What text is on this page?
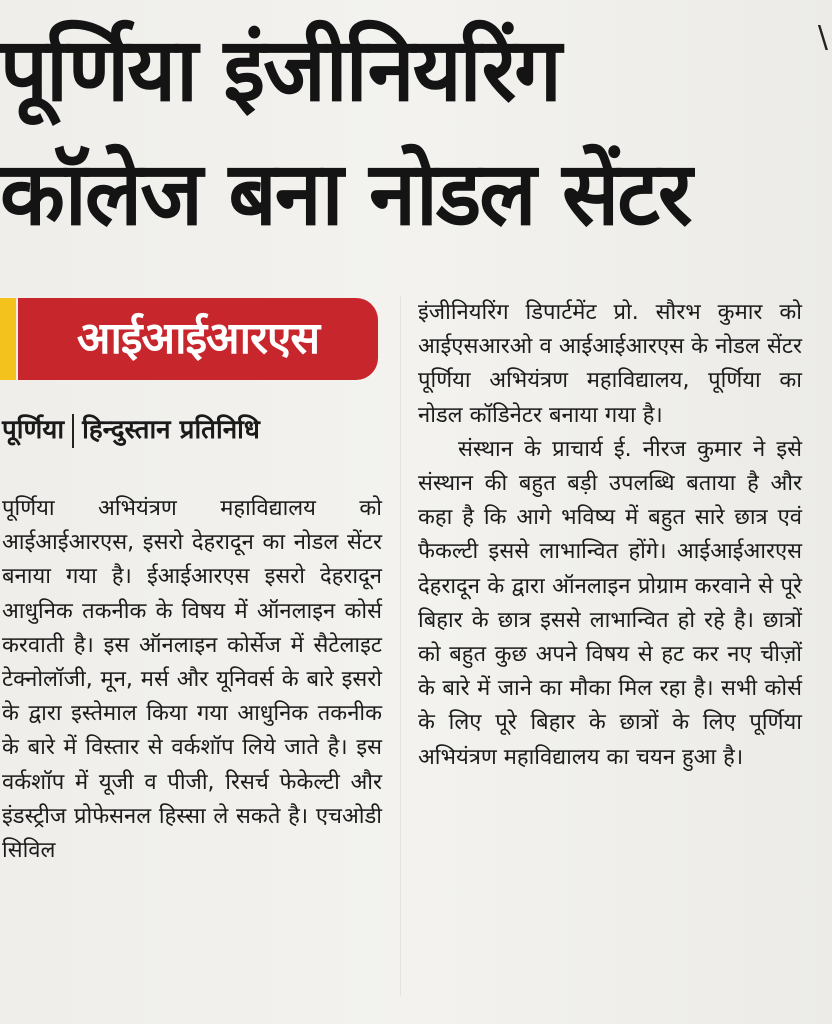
पूर्णिया इंजीनियरिंग
कॉलेज बना नोडल सेंटर
\
आईआईआरएस
पूर्णिया हिन्दुस्तान प्रतिनिधि

पूर्णिया अभियंत्रण महाविद्यालय को आईआईआरएस, इसरो देहरादून का नोडल सेंटर बनाया गया है। ईआईआरएस इसरो देहरादून आधुनिक तकनीक के विषय में ऑनलाइन कोर्स करवाती है। इस ऑनलाइन कोर्सेज में सैटेलाइट टेक्नोलॉजी, मून, मर्स और यूनिवर्स के बारे इसरो के द्वारा इस्तेमाल किया गया आधुनिक तकनीक के बारे में विस्तार से वर्कशॉप लिये जाते है। इस वर्कशॉप में यूजी व पीजी, रिसर्च फेकेल्टी और इंडस्ट्रीज प्रोफेसनल हिस्सा ले सकते है। एचओडी सिविल

इंजीनियरिंग डिपार्टमेंट प्रो. सौरभ कुमार को आईएसआरओ व आईआईआरएस के नोडल सेंटर पूर्णिया अभियंत्रण महाविद्यालय, पूर्णिया का नोडल कॉडिनेटर बनाया गया है।

संस्थान के प्राचार्य ई. नीरज कुमार ने इसे संस्थान की बहुत बड़ी उपलब्धि बताया है और कहा है कि आगे भविष्य में बहुत सारे छात्र एवं फैकल्टी इससे लाभान्वित होंगे। आईआईआरएस देहरादून के द्वारा ऑनलाइन प्रोग्राम करवाने से पूरे बिहार के छात्र इससे लाभान्वित हो रहे है। छात्रों को बहुत कुछ अपने विषय से हट कर नए चीज़ों के बारे में जाने का मौका मिल रहा है। सभी कोर्स के लिए पूरे बिहार के छात्रों के लिए पूर्णिया अभियंत्रण महाविद्यालय का चयन हुआ है।
